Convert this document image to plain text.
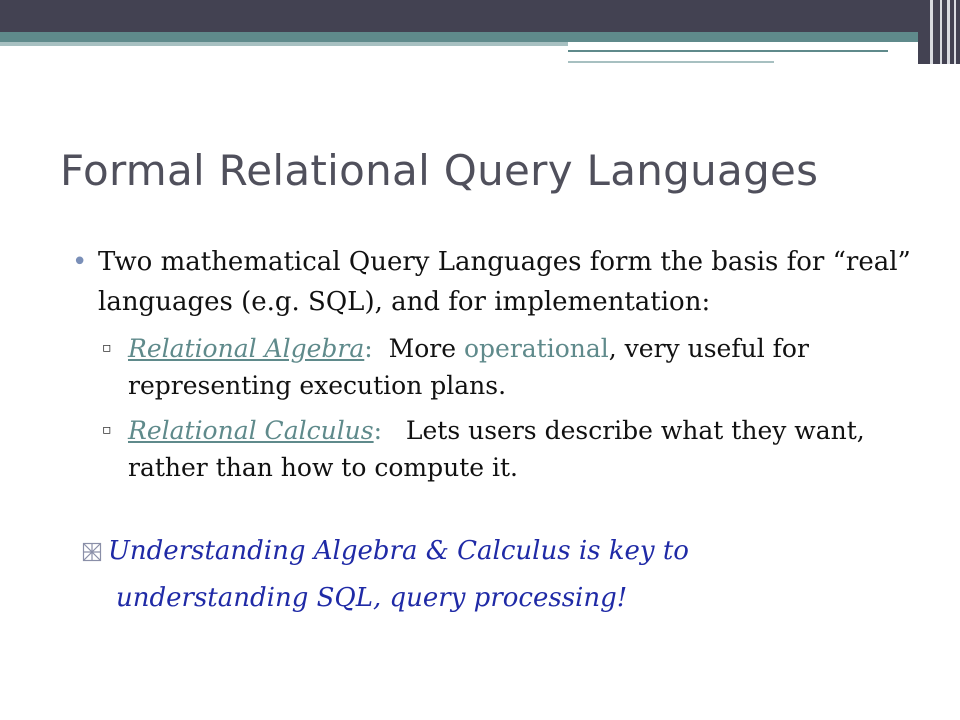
Formal Relational Query Languages
• Two mathematical Query Languages form the basis for “real” languages (e.g. SQL), and for implementation:
▫ Relational Algebra:  More operational, very useful for representing execution plans.
▫ Relational Calculus:   Lets users describe what they want, rather than how to compute it.
Understanding Algebra & Calculus is key to
understanding SQL, query processing!
